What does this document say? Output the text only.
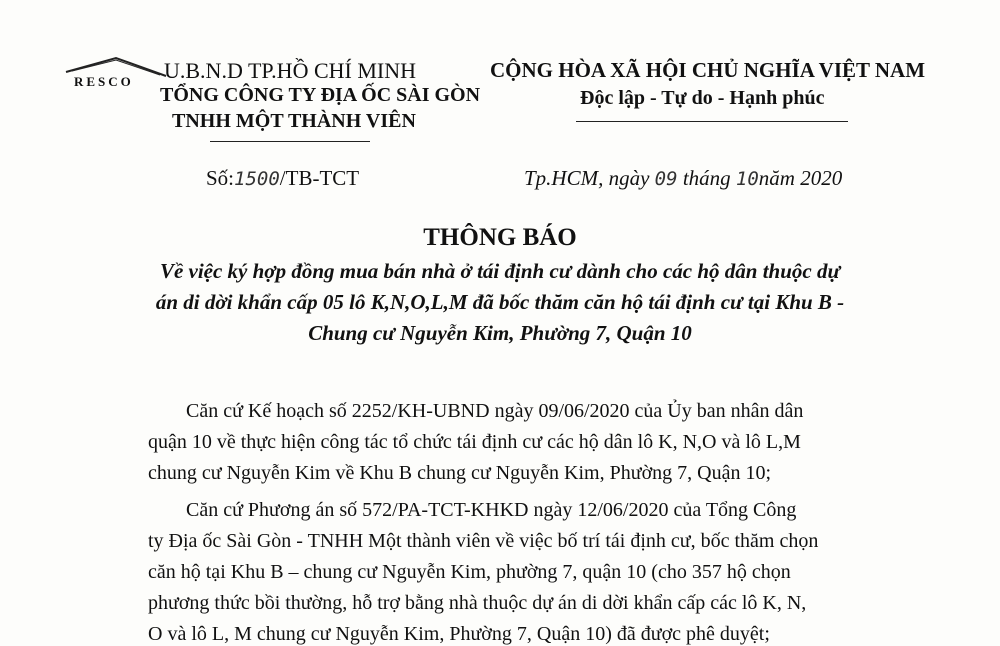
RESCO U.B.N.D TP.HỒ CHÍ MINH
TỔNG CÔNG TY ĐỊA ỐC SÀI GÒN
TNHH MỘT THÀNH VIÊN
CỘNG HÒA XÃ HỘI CHỦ NGHĨA VIỆT NAM
Độc lập - Tự do - Hạnh phúc
Số:1500/TB-TCT	Tp.HCM, ngày 09 tháng 10năm 2020
THÔNG BÁO
Về việc ký hợp đồng mua bán nhà ở tái định cư dành cho các hộ dân thuộc dự
án di dời khẩn cấp 05 lô K,N,O,L,M đã bốc thăm căn hộ tái định cư tại Khu B -
Chung cư Nguyễn Kim, Phường 7, Quận 10
Căn cứ Kế hoạch số 2252/KH-UBND ngày 09/06/2020 của Ủy ban nhân dân
quận 10 về thực hiện công tác tổ chức tái định cư các hộ dân lô K, N,O và lô L,M
chung cư Nguyễn Kim về Khu B chung cư Nguyễn Kim, Phường 7, Quận 10;
Căn cứ Phương án số 572/PA-TCT-KHKD ngày 12/06/2020 của Tổng Công
ty Địa ốc Sài Gòn - TNHH Một thành viên về việc bố trí tái định cư, bốc thăm chọn
căn hộ tại Khu B – chung cư Nguyễn Kim, phường 7, quận 10 (cho 357 hộ chọn
phương thức bồi thường, hỗ trợ bằng nhà thuộc dự án di dời khẩn cấp các lô K, N,
O và lô L, M chung cư Nguyễn Kim, Phường 7, Quận 10) đã được phê duyệt;
